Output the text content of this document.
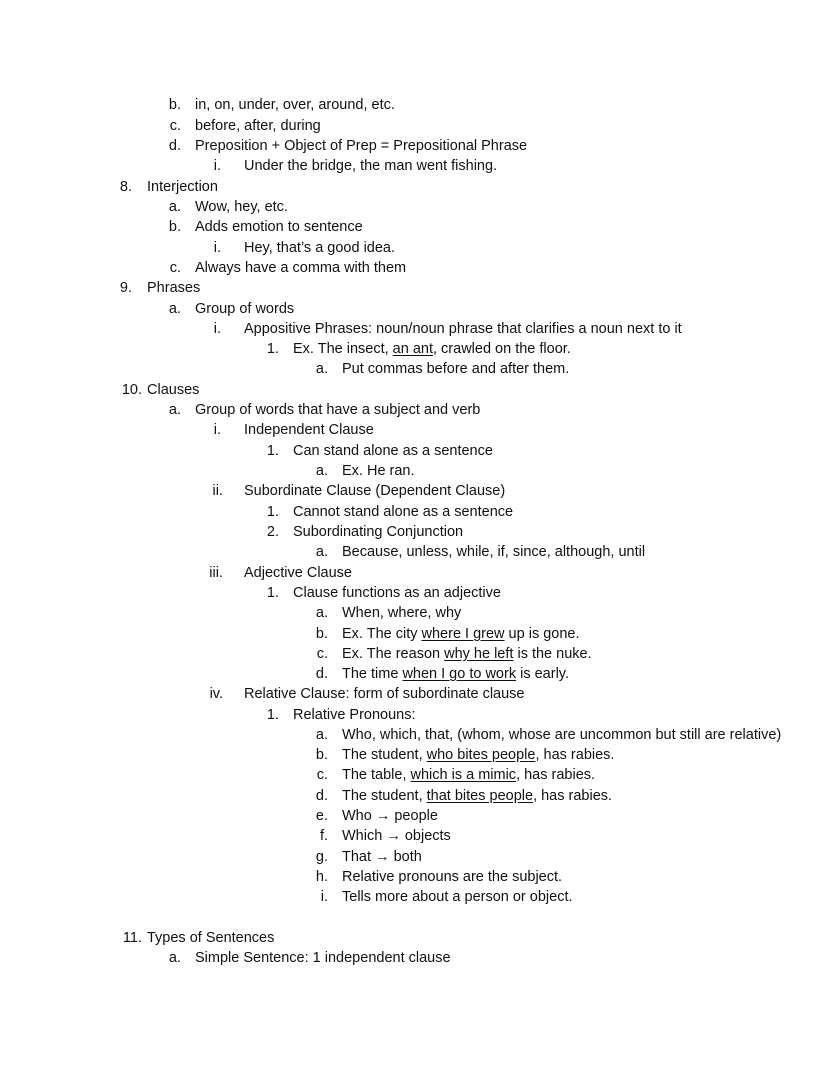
b. in, on, under, over, around, etc.
c. before, after, during
d. Preposition + Object of Prep = Prepositional Phrase
i. Under the bridge, the man went fishing.
8. Interjection
a. Wow, hey, etc.
b. Adds emotion to sentence
i. Hey, that’s a good idea.
c. Always have a comma with them
9. Phrases
a. Group of words
i. Appositive Phrases: noun/noun phrase that clarifies a noun next to it
1. Ex. The insect, an ant, crawled on the floor.
a. Put commas before and after them.
10. Clauses
a. Group of words that have a subject and verb
i. Independent Clause
1. Can stand alone as a sentence
a. Ex. He ran.
ii. Subordinate Clause (Dependent Clause)
1. Cannot stand alone as a sentence
2. Subordinating Conjunction
a. Because, unless, while, if, since, although, until
iii. Adjective Clause
1. Clause functions as an adjective
a. When, where, why
b. Ex. The city where I grew up is gone.
c. Ex. The reason why he left is the nuke.
d. The time when I go to work is early.
iv. Relative Clause: form of subordinate clause
1. Relative Pronouns:
a. Who, which, that, (whom, whose are uncommon but still are relative)
b. The student, who bites people, has rabies.
c. The table, which is a mimic, has rabies.
d. The student, that bites people, has rabies.
e. Who → people
f. Which → objects
g. That → both
h. Relative pronouns are the subject.
i. Tells more about a person or object.
11. Types of Sentences
a. Simple Sentence: 1 independent clause
